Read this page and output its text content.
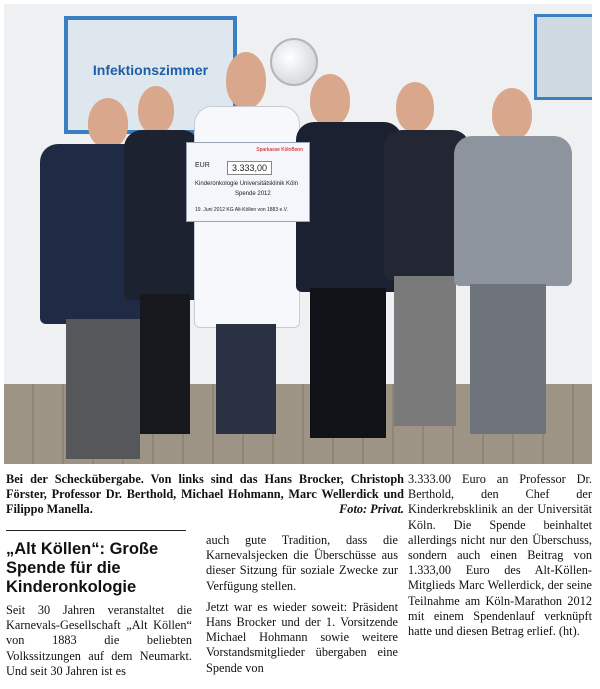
Infektionszimmer
Sparkasse KölnBonn
EUR	3.333,00
Kinderonkologie Universitätsklinik Köln
Spende 2012
19. Juni 2012 KG Alt-Köllen von 1883 e.V.
Bei der Scheckübergabe. Von links sind das Hans Brocker, Christoph Förster, Professor Dr. Berthold, Michael Hohmann, Marc Wellerdick und Filippo Manella.	Foto: Privat.
„Alt Köllen“: Große Spende für die Kinderonkologie
Seit 30 Jahren veranstaltet die Karnevals-Gesellschaft „Alt Köllen“ von 1883 die beliebten Volkssitzungen auf dem Neumarkt. Und seit 30 Jahren ist es

auch gute Tradition, dass die Karnevalsjecken die Überschüsse aus dieser Sitzung für soziale Zwecke zur Verfügung stellen.

Jetzt war es wieder soweit: Präsident Hans Brocker und der 1. Vorsitzende Michael Hohmann sowie weitere Vorstandsmitglieder übergaben eine Spende von

3.333.00 Euro an Professor Dr. Berthold, den Chef der Kinderkrebsklinik an der Universität Köln. Die Spende beinhaltet allerdings nicht nur den Überschuss, sondern auch einen Beitrag von 1.333,00 Euro des Alt-Köllen-Mitglieds Marc Wellerdick, der seine Teilnahme am Köln-Marathon 2012 mit einem Spendenlauf verknüpft hatte und diesen Betrag erlief. (ht).
